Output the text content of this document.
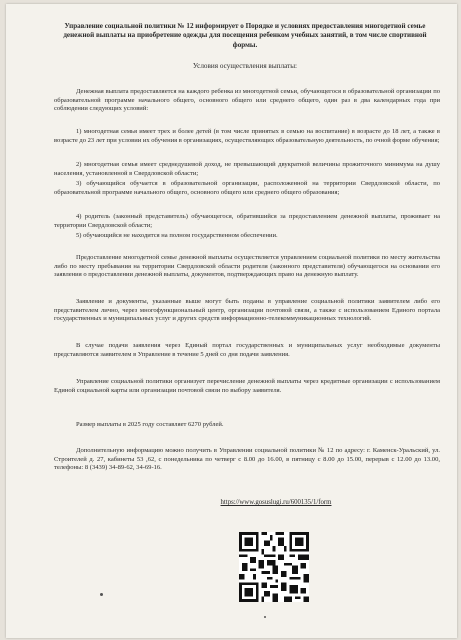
Управление социальной политики № 12 информирует о Порядке и условиях предоставления многодетной семье денежной выплаты на приобретение одежды для посещения ребенком учебных занятий, в том числе спортивной формы.
Условия осуществления выплаты:
Денежная выплата предоставляется на каждого ребенка из многодетной семьи, обучающегося в образовательной организации по образовательной программе начального общего, основного общего или среднего общего, один раз в два календарных года при соблюдении следующих условий:
1) многодетная семья имеет трех и более детей (в том числе принятых в семью на воспитание) в возрасте до 18 лет, а также в возрасте до 23 лет при условии их обучения в организациях, осуществляющих образовательную деятельность, по очной форме обучения;
2) многодетная семья имеет среднедушевой доход, не превышающий двукратной величины прожиточного минимума на душу населения, установленной в Свердловской области;
3) обучающийся обучается в образовательной организации, расположенной на территории Свердловской области, по образовательной программе начального общего, основного общего или среднего общего образования;
4) родитель (законный представитель) обучающегося, обратившийся за предоставлением денежной выплаты, проживает на территории Свердловской области;
5) обучающийся не находится на полном государственном обеспечении.
Предоставление многодетной семье денежной выплаты осуществляется управлением социальной политики по месту жительства либо по месту пребывания на территории Свердловской области родителя (законного представителя) обучающегося на основании его заявления о предоставлении денежной выплаты, документов, подтверждающих право на денежную выплату.
Заявление и документы, указанные выше могут быть поданы в управление социальной политики заявителем либо его представителем лично, через многофункциональный центр, организации почтовой связи, а также с использованием Единого портала государственных и муниципальных услуг и других средств информационно-телекоммуникационных технологий.
В случае подачи заявления через Единый портал государственных и муниципальных услуг необходимые документы представляются заявителем в Управление в течение 5 дней со дня подачи заявления.
Управление социальной политики организует перечисление денежной выплаты через кредитные организации с использованием Единой социальной карты или организации почтовой связи по выбору заявителя.
Размер выплаты в 2025 году составляет 6270 рублей.
Дополнительную информацию можно получить в Управлении социальной политики № 12 по адресу: г. Каменск-Уральский, ул. Строителей д. 27, кабинеты 53 ,62, с понедельника по четверг с 8.00 до 16.00, в пятницу с 8.00 до 15.00, перерыв с 12.00 до 13.00, телефоны: 8 (3439) 34-89-62, 34-69-16.
https://www.gosuslugi.ru/600135/1/form
